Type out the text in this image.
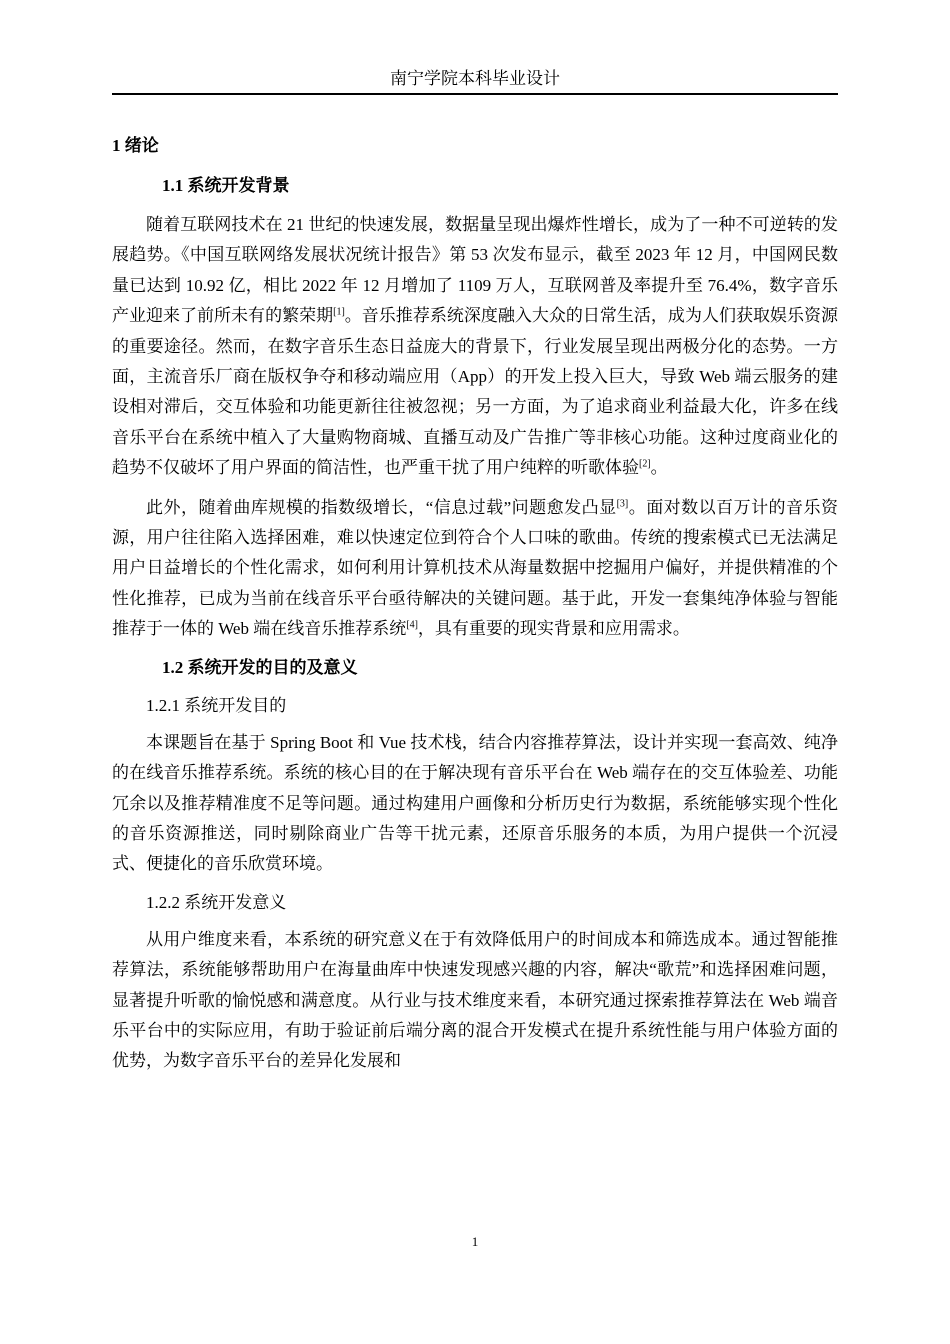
南宁学院本科毕业设计
1 绪论
1.1 系统开发背景

随着互联网技术在 21 世纪的快速发展，数据量呈现出爆炸性增长，成为了一种不可逆转的发展趋势。《中国互联网络发展状况统计报告》第 53 次发布显示，截至 2023 年 12 月，中国网民数量已达到 10.92 亿，相比 2022 年 12 月增加了 1109 万人，互联网普及率提升至 76.4%，数字音乐产业迎来了前所未有的繁荣期[1]。音乐推荐系统深度融入大众的日常生活，成为人们获取娱乐资源的重要途径。然而，在数字音乐生态日益庞大的背景下，行业发展呈现出两极分化的态势。一方面，主流音乐厂商在版权争夺和移动端应用（App）的开发上投入巨大，导致 Web 端云服务的建设相对滞后，交互体验和功能更新往往被忽视；另一方面，为了追求商业利益最大化，许多在线音乐平台在系统中植入了大量购物商城、直播互动及广告推广等非核心功能。这种过度商业化的趋势不仅破坏了用户界面的简洁性，也严重干扰了用户纯粹的听歌体验[2]。

此外，随着曲库规模的指数级增长，“信息过载”问题愈发凸显[3]。面对数以百万计的音乐资源，用户往往陷入选择困难，难以快速定位到符合个人口味的歌曲。传统的搜索模式已无法满足用户日益增长的个性化需求，如何利用计算机技术从海量数据中挖掘用户偏好，并提供精准的个性化推荐，已成为当前在线音乐平台亟待解决的关键问题。基于此，开发一套集纯净体验与智能推荐于一体的 Web 端在线音乐推荐系统[4]，具有重要的现实背景和应用需求。

1.2 系统开发的目的及意义
1.2.1 系统开发目的

本课题旨在基于 Spring Boot 和 Vue 技术栈，结合内容推荐算法，设计并实现一套高效、纯净的在线音乐推荐系统。系统的核心目的在于解决现有音乐平台在 Web 端存在的交互体验差、功能冗余以及推荐精准度不足等问题。通过构建用户画像和分析历史行为数据，系统能够实现个性化的音乐资源推送，同时剔除商业广告等干扰元素，还原音乐服务的本质，为用户提供一个沉浸式、便捷化的音乐欣赏环境。

1.2.2 系统开发意义

从用户维度来看，本系统的研究意义在于有效降低用户的时间成本和筛选成本。通过智能推荐算法，系统能够帮助用户在海量曲库中快速发现感兴趣的内容，解决“歌荒”和选择困难问题，显著提升听歌的愉悦感和满意度。从行业与技术维度来看，本研究通过探索推荐算法在 Web 端音乐平台中的实际应用，有助于验证前后端分离的混合开发模式在提升系统性能与用户体验方面的优势，为数字音乐平台的差异化发展和

1
